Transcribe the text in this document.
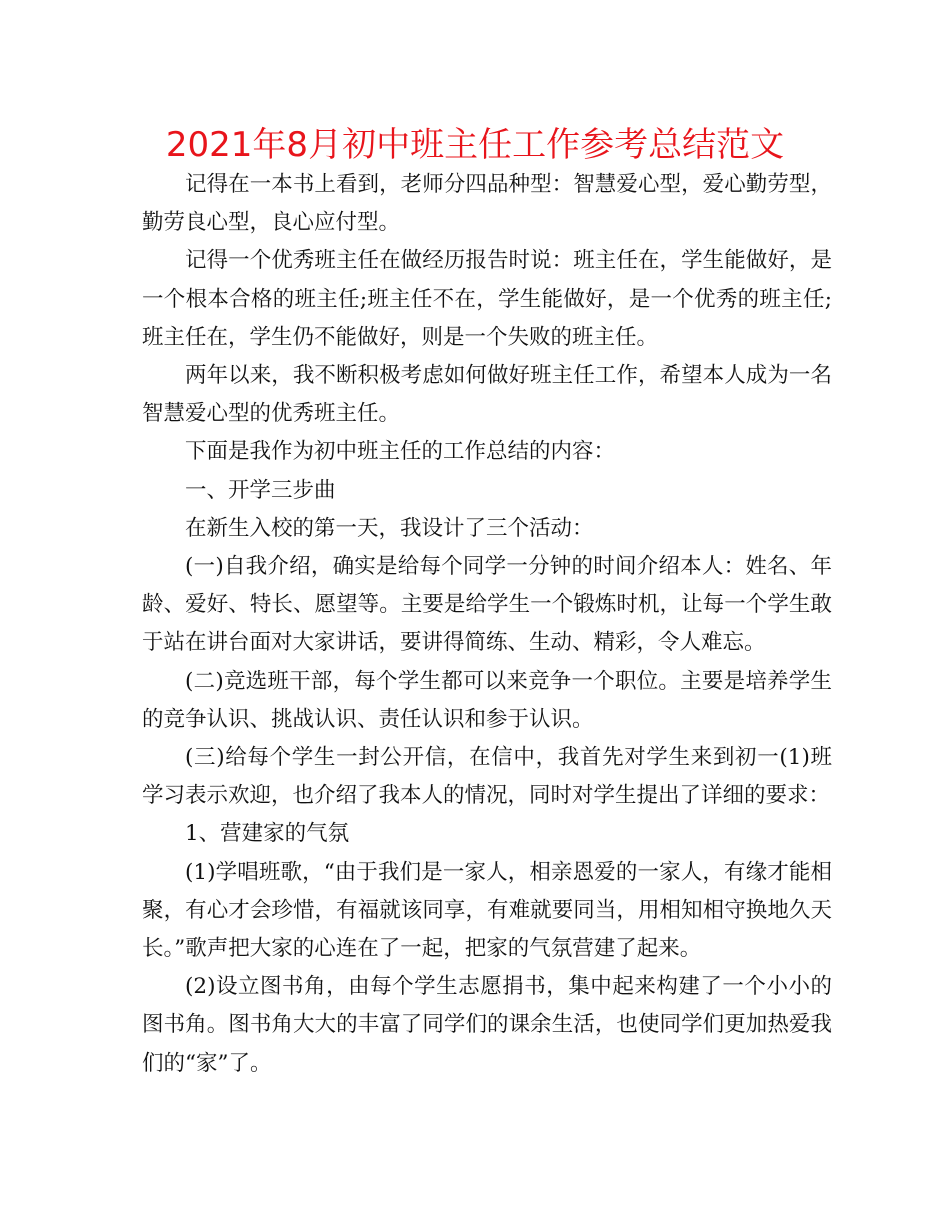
2021年8月初中班主任工作参考总结范文

记得在一本书上看到，老师分四品种型：智慧爱心型，爱心勤劳型，勤劳良心型，良心应付型。

记得一个优秀班主任在做经历报告时说：班主任在，学生能做好，是一个根本合格的班主任;班主任不在，学生能做好，是一个优秀的班主任;班主任在，学生仍不能做好，则是一个失败的班主任。

两年以来，我不断积极考虑如何做好班主任工作，希望本人成为一名智慧爱心型的优秀班主任。

下面是我作为初中班主任的工作总结的内容：

一、开学三步曲

在新生入校的第一天，我设计了三个活动：

(一)自我介绍，确实是给每个同学一分钟的时间介绍本人：姓名、年龄、爱好、特长、愿望等。主要是给学生一个锻炼时机，让每一个学生敢于站在讲台面对大家讲话，要讲得简练、生动、精彩，令人难忘。

(二)竞选班干部，每个学生都可以来竞争一个职位。主要是培养学生的竞争认识、挑战认识、责任认识和参于认识。

(三)给每个学生一封公开信，在信中，我首先对学生来到初一(1)班学习表示欢迎，也介绍了我本人的情况，同时对学生提出了详细的要求：

1、营建家的气氛

(1)学唱班歌，“由于我们是一家人，相亲恩爱的一家人，有缘才能相聚，有心才会珍惜，有福就该同享，有难就要同当，用相知相守换地久天长。”歌声把大家的心连在了一起，把家的气氛营建了起来。

(2)设立图书角，由每个学生志愿捐书，集中起来构建了一个小小的图书角。图书角大大的丰富了同学们的课余生活，也使同学们更加热爱我们的“家”了。
